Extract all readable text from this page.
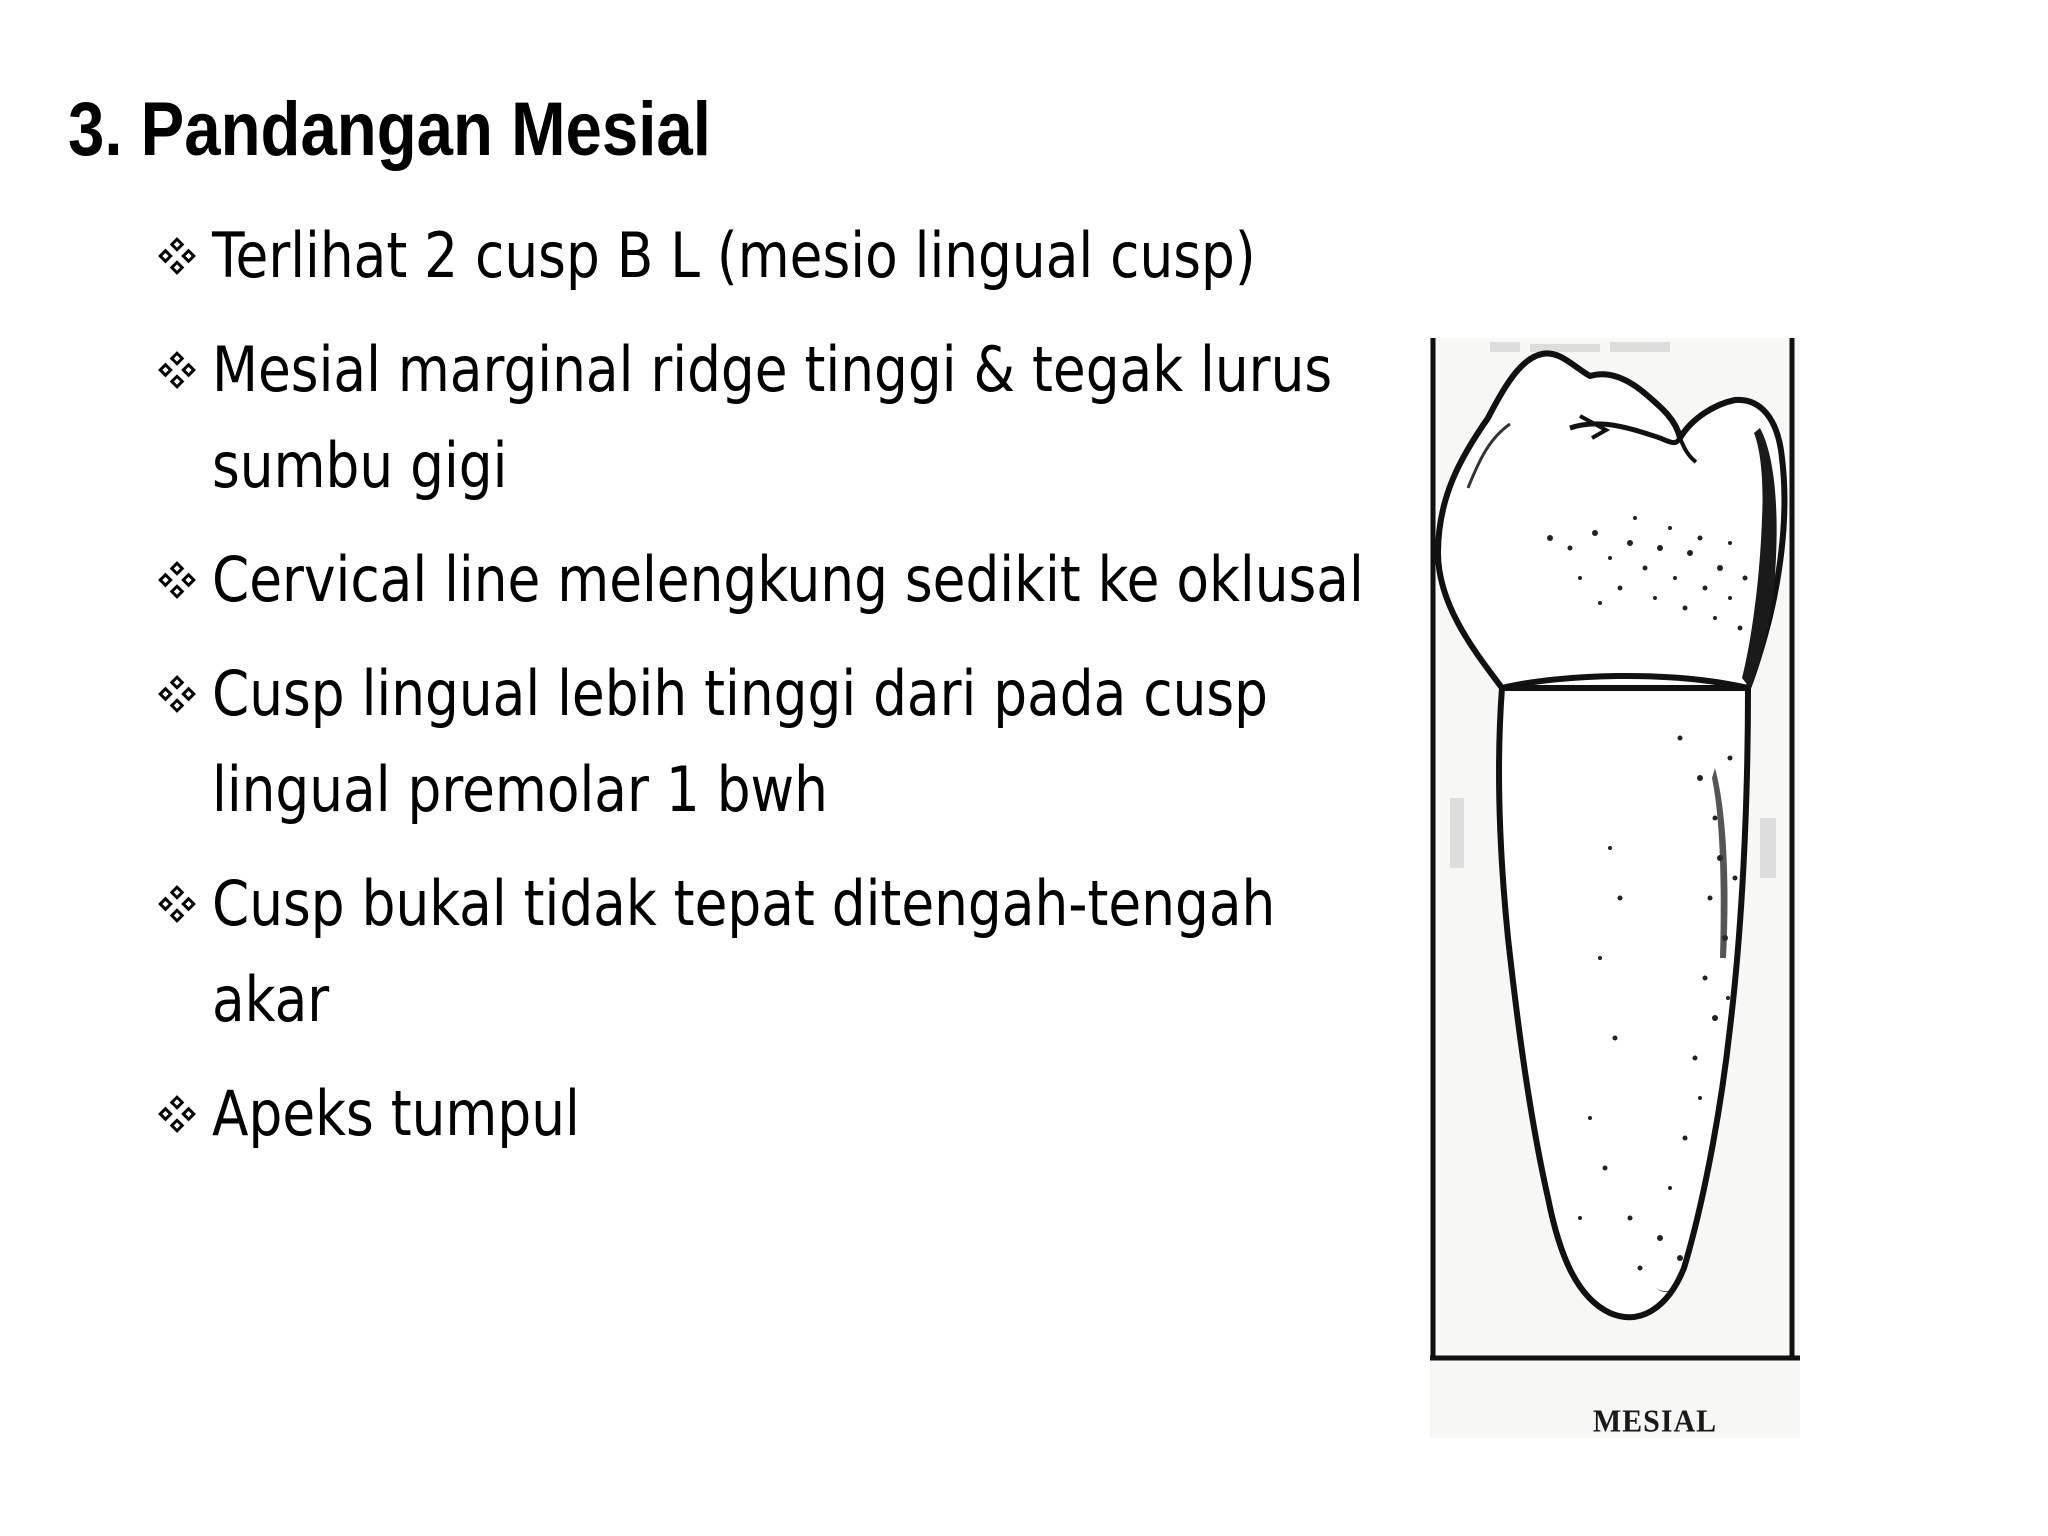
3. Pandangan Mesial
Terlihat 2 cusp B L (mesio lingual cusp)
Mesial marginal ridge tinggi & tegak lurus sumbu gigi
Cervical line melengkung sedikit ke oklusal
Cusp lingual lebih tinggi dari pada cusp lingual premolar 1 bwh
Cusp bukal tidak tepat ditengah-tengah akar
Apeks tumpul
MESIAL
